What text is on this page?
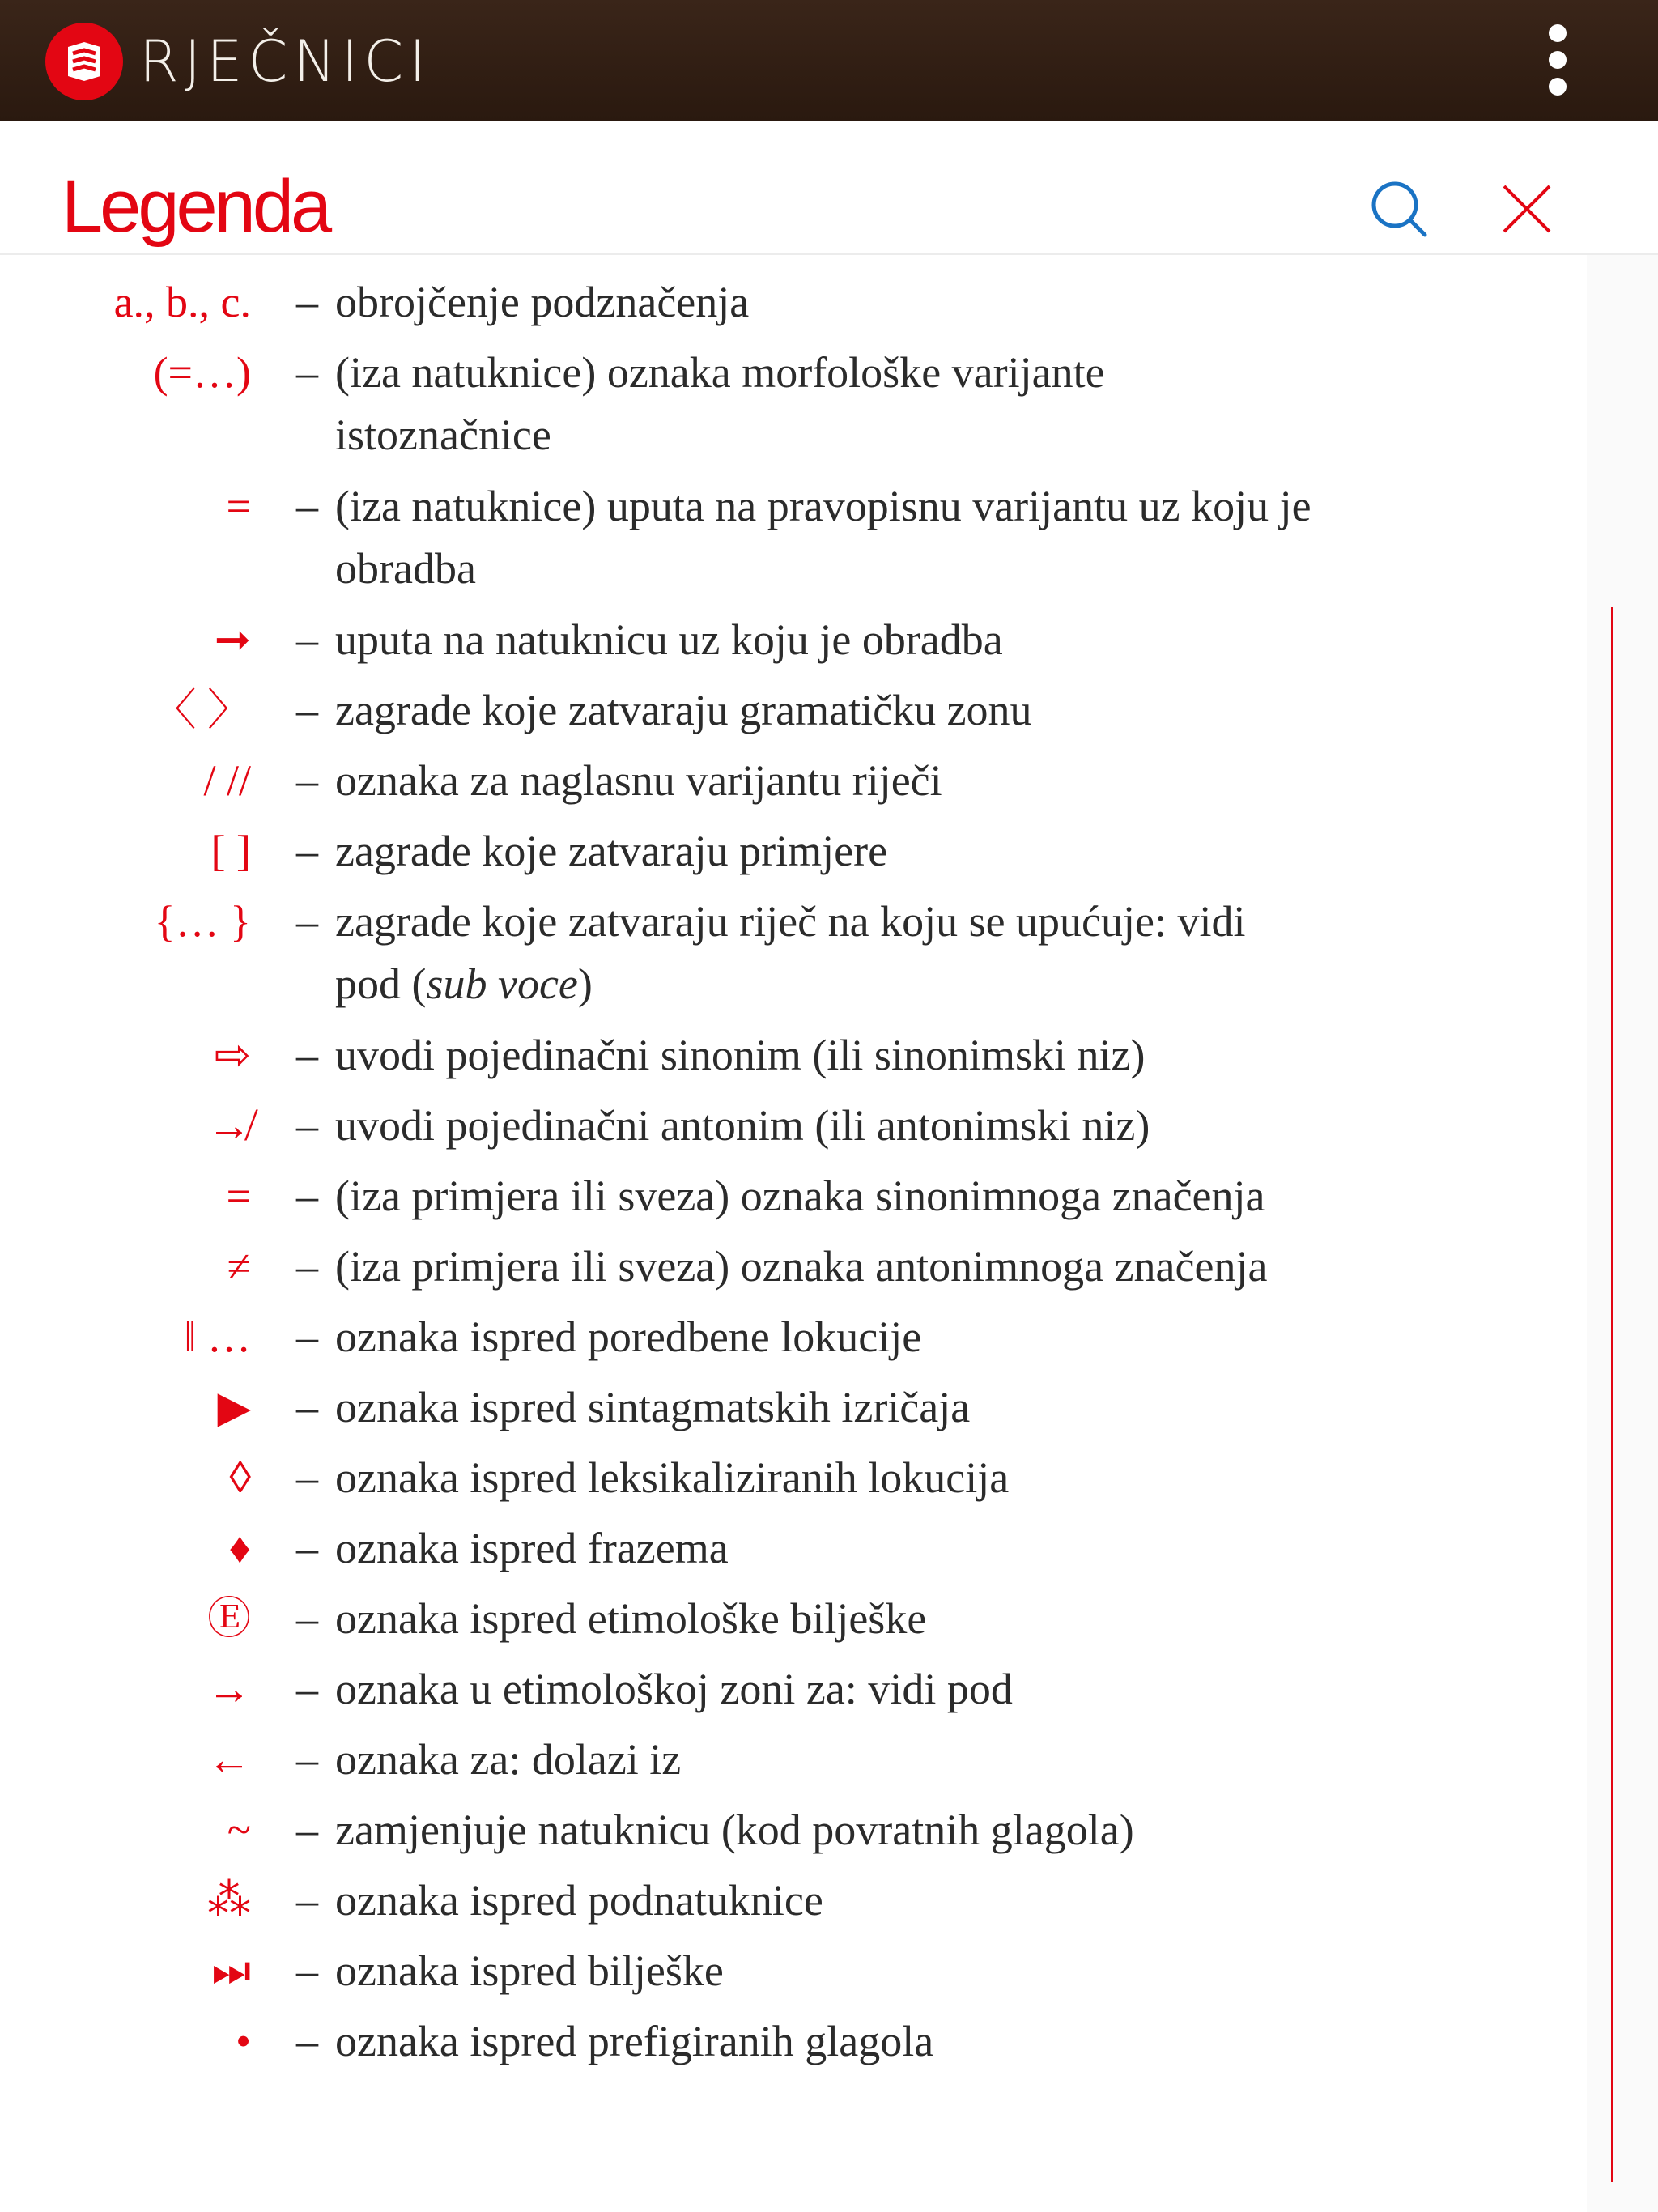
RJEČNICI
Legenda
a., b., c. – obrojčenje podznačenja
(=…) – (iza natuknice) oznaka morfološke varijante
istoznačnice
= – (iza natuknice) uputa na pravopisnu varijantu uz koju je
obradba
➞ – uputa na natuknicu uz koju je obradba
〈 〉 – zagrade koje zatvaraju gramatičku zonu
/ // – oznaka za naglasnu varijantu riječi
[ ] – zagrade koje zatvaraju primjere
{… } – zagrade koje zatvaraju riječ na koju se upućuje: vidi
pod (sub voce)
⇨ – uvodi pojedinačni sinonim (ili sinonimski niz)
↛ – uvodi pojedinačni antonim (ili antonimski niz)
= – (iza primjera ili sveza) oznaka sinonimnoga značenja
≠ – (iza primjera ili sveza) oznaka antonimnoga značenja
‖ … – oznaka ispred poredbene lokucije
▶ – oznaka ispred sintagmatskih izričaja
◊ – oznaka ispred leksikaliziranih lokucija
♦ – oznaka ispred frazema
Ⓔ – oznaka ispred etimološke bilješke
→ – oznaka u etimološkoj zoni za: vidi pod
← – oznaka za: dolazi iz
~ – zamjenjuje natuknicu (kod povratnih glagola)
⁂ – oznaka ispred podnatuknice
⏭ – oznaka ispred bilješke
• – oznaka ispred prefigiranih glagola
